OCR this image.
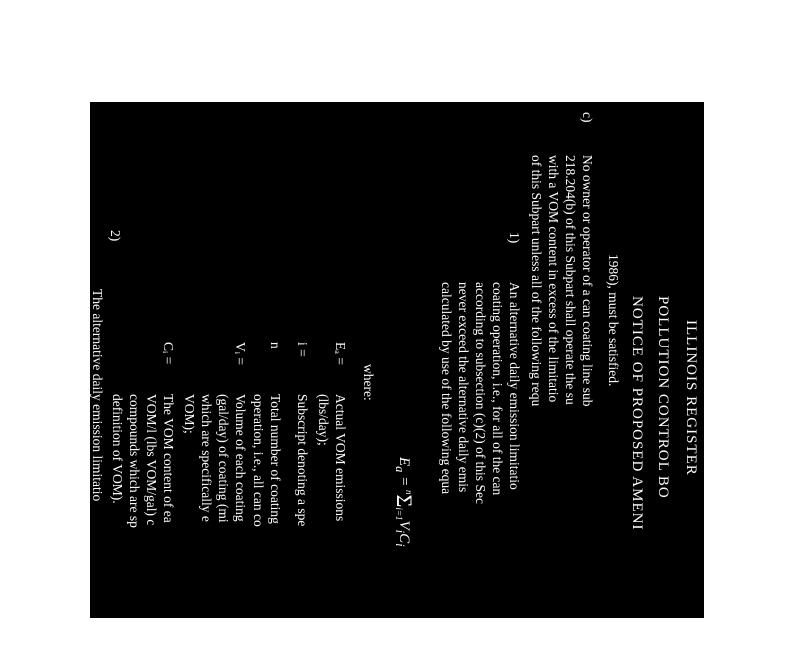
ILLINOIS REGISTER
POLLUTION CONTROL BO
NOTICE OF PROPOSED AMENI
1986), must be satisfied.
c)
No owner or operator of a can coating line sub
218.204(b) of this Subpart shall operate the su
with a VOM content in excess of the limitatio
of this Subpart unless all of the following requ
1)
An alternative daily emission limitatio
coating operation, i.e., for all of the can
according to subsection (c)(2) of this Sec
never exceed the alternative daily emis
calculated by use of the following equa
$E_a = ^n\Sigma_{i=1}V_iC_i$
where:
Eₐ =
Actual VOM emissions
(lbs/day);
i =
Subscript denoting a spe
n
Total number of coating
operation, i.e., all can co
Vᵢ =
Volume of each coating
(gal/day) of coating (mi
which are specifically e
VOM);
Cᵢ =
The VOM content of ea
VOM/l (lbs VOM/gal) c
compounds which are sp
definition of VOM).
2)
The alternative daily emission limitatio
can coating operation, i.e. for all of the
a daily basis as follows:
